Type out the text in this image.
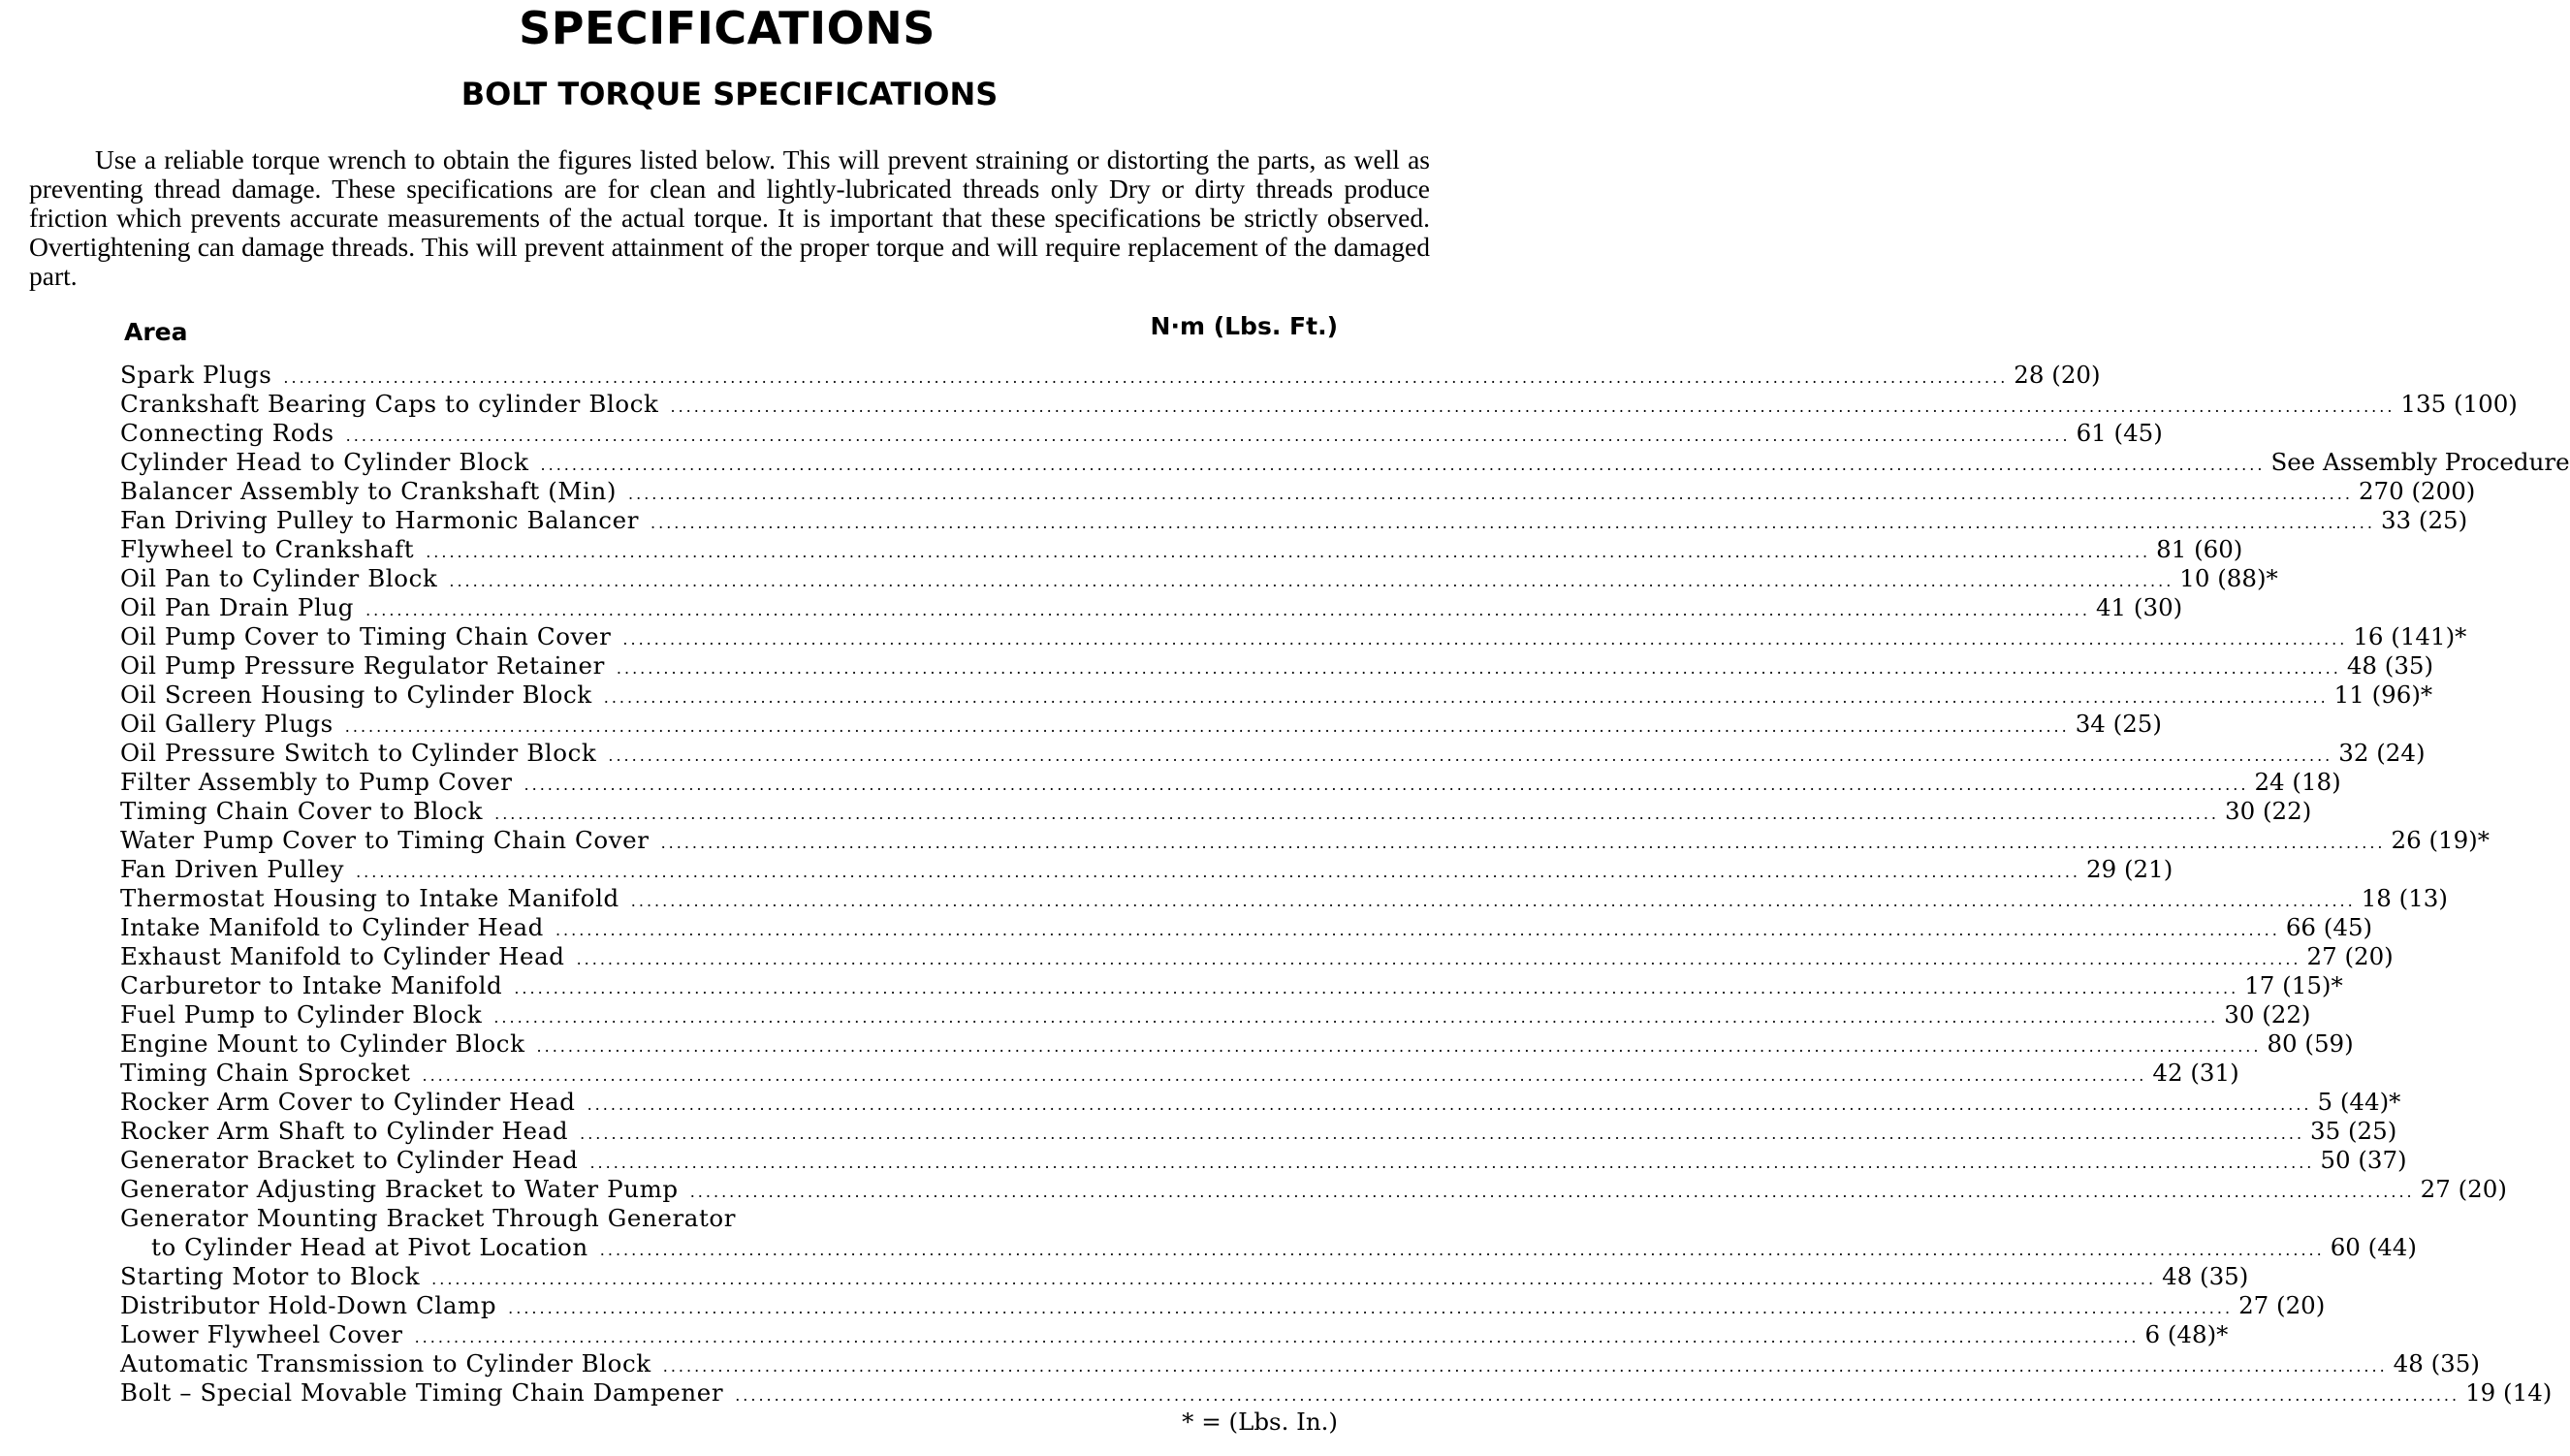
SPECIFICATIONS
BOLT TORQUE SPECIFICATIONS

Use a reliable torque wrench to obtain the figures listed below. This will prevent straining or distorting the parts, as well as preventing thread damage. These specifications are for clean and lightly-lubricated threads only Dry or dirty threads produce friction which prevents accurate measurements of the actual torque. It is important that these specifications be strictly observed. Overtightening can damage threads. This will prevent attainment of the proper torque and will require replacement of the damaged part.

Area	N·m (Lbs. Ft.)
Spark Plugs ............................................................................................................................................................................................................................ 28 (20)
Crankshaft Bearing Caps to cylinder Block ............................................................................................................................................................................................................................ 135 (100)
Connecting Rods ............................................................................................................................................................................................................................ 61 (45)
Cylinder Head to Cylinder Block ............................................................................................................................................................................................................................ See Assembly Procedure
Balancer Assembly to Crankshaft (Min) ............................................................................................................................................................................................................................ 270 (200)
Fan Driving Pulley to Harmonic Balancer ............................................................................................................................................................................................................................ 33 (25)
Flywheel to Crankshaft ............................................................................................................................................................................................................................ 81 (60)
Oil Pan to Cylinder Block ............................................................................................................................................................................................................................ 10 (88)*
Oil Pan Drain Plug ............................................................................................................................................................................................................................ 41 (30)
Oil Pump Cover to Timing Chain Cover ............................................................................................................................................................................................................................ 16 (141)*
Oil Pump Pressure Regulator Retainer ............................................................................................................................................................................................................................ 48 (35)
Oil Screen Housing to Cylinder Block ............................................................................................................................................................................................................................ 11 (96)*
Oil Gallery Plugs ............................................................................................................................................................................................................................ 34 (25)
Oil Pressure Switch to Cylinder Block ............................................................................................................................................................................................................................ 32 (24)
Filter Assembly to Pump Cover ............................................................................................................................................................................................................................ 24 (18)
Timing Chain Cover to Block ............................................................................................................................................................................................................................ 30 (22)
Water Pump Cover to Timing Chain Cover ............................................................................................................................................................................................................................ 26 (19)*
Fan Driven Pulley ............................................................................................................................................................................................................................ 29 (21)
Thermostat Housing to Intake Manifold ............................................................................................................................................................................................................................ 18 (13)
Intake Manifold to Cylinder Head ............................................................................................................................................................................................................................ 66 (45)
Exhaust Manifold to Cylinder Head ............................................................................................................................................................................................................................ 27 (20)
Carburetor to Intake Manifold ............................................................................................................................................................................................................................ 17 (15)*
Fuel Pump to Cylinder Block ............................................................................................................................................................................................................................ 30 (22)
Engine Mount to Cylinder Block ............................................................................................................................................................................................................................ 80 (59)
Timing Chain Sprocket ............................................................................................................................................................................................................................ 42 (31)
Rocker Arm Cover to Cylinder Head ............................................................................................................................................................................................................................ 5 (44)*
Rocker Arm Shaft to Cylinder Head ............................................................................................................................................................................................................................ 35 (25)
Generator Bracket to Cylinder Head ............................................................................................................................................................................................................................ 50 (37)
Generator Adjusting Bracket to Water Pump ............................................................................................................................................................................................................................ 27 (20)
Generator Mounting Bracket Through Generator
to Cylinder Head at Pivot Location ............................................................................................................................................................................................................................ 60 (44)
Starting Motor to Block ............................................................................................................................................................................................................................ 48 (35)
Distributor Hold-Down Clamp ............................................................................................................................................................................................................................ 27 (20)
Lower Flywheel Cover ............................................................................................................................................................................................................................ 6 (48)*
Automatic Transmission to Cylinder Block ............................................................................................................................................................................................................................ 48 (35)
Bolt – Special Movable Timing Chain Dampener ............................................................................................................................................................................................................................ 19 (14)
* = (Lbs. In.)
